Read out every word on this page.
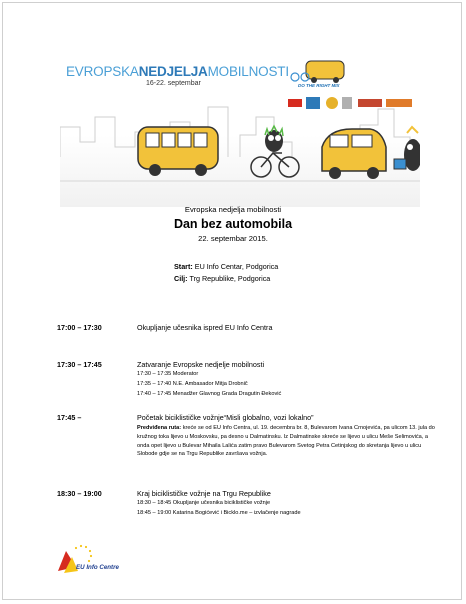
EVROPSKANEDJELJAMOBILNOSTI
16-22. septembar	DO THE RIGHT MIX
Evropska nedjelja mobilnosti
Dan bez automobila
22. septembar 2015.
Start: EU Info Centar, Podgorica
Cilj: Trg Republike, Podgorica
17:00 – 17:30	Okupljanje učesnika ispred EU Info Centra
17:30 – 17:45	Zatvaranje Evropske nedjelje mobilnosti
17:30 – 17:35 Moderator
17:35 – 17:40 N.E. Ambasador Mitja Drobnič
17:40 – 17:45 Menadžer Glavnog Grada Dragutin Đeković
17:45 –	Početak biciklističke vožnje“Misli globalno, vozi lokalno”
Predviđena ruta: kreće se od EU Info Centra, ul. 19. decembra br. 8, Bulevarom Ivana Crnojevića, pa ulicom 13. jula do kružnog toka lijevo u Moskovsku, pa desno u Dalmatinsku. Iz Dalmatinske skreće se lijevo u ulicu Meše Selimovića, a onda opet lijevo u Bulevar Mihaila Lalića zatim pravo Bulevarom Svetog Petra Cetinjskog do skretanja lijevo u ulicu Slobode gdje se na Trgu Republike završava vožnja.
18:30 – 19:00	Kraj biciklističke vožnje na Trgu Republike
18:30 – 18:45 Okupljanje učesnika biciklističke vožnje
18:45 – 19:00 Katarina Bogićević i Bicklo.me – izvlačenje nagrade
EU Info Centre
